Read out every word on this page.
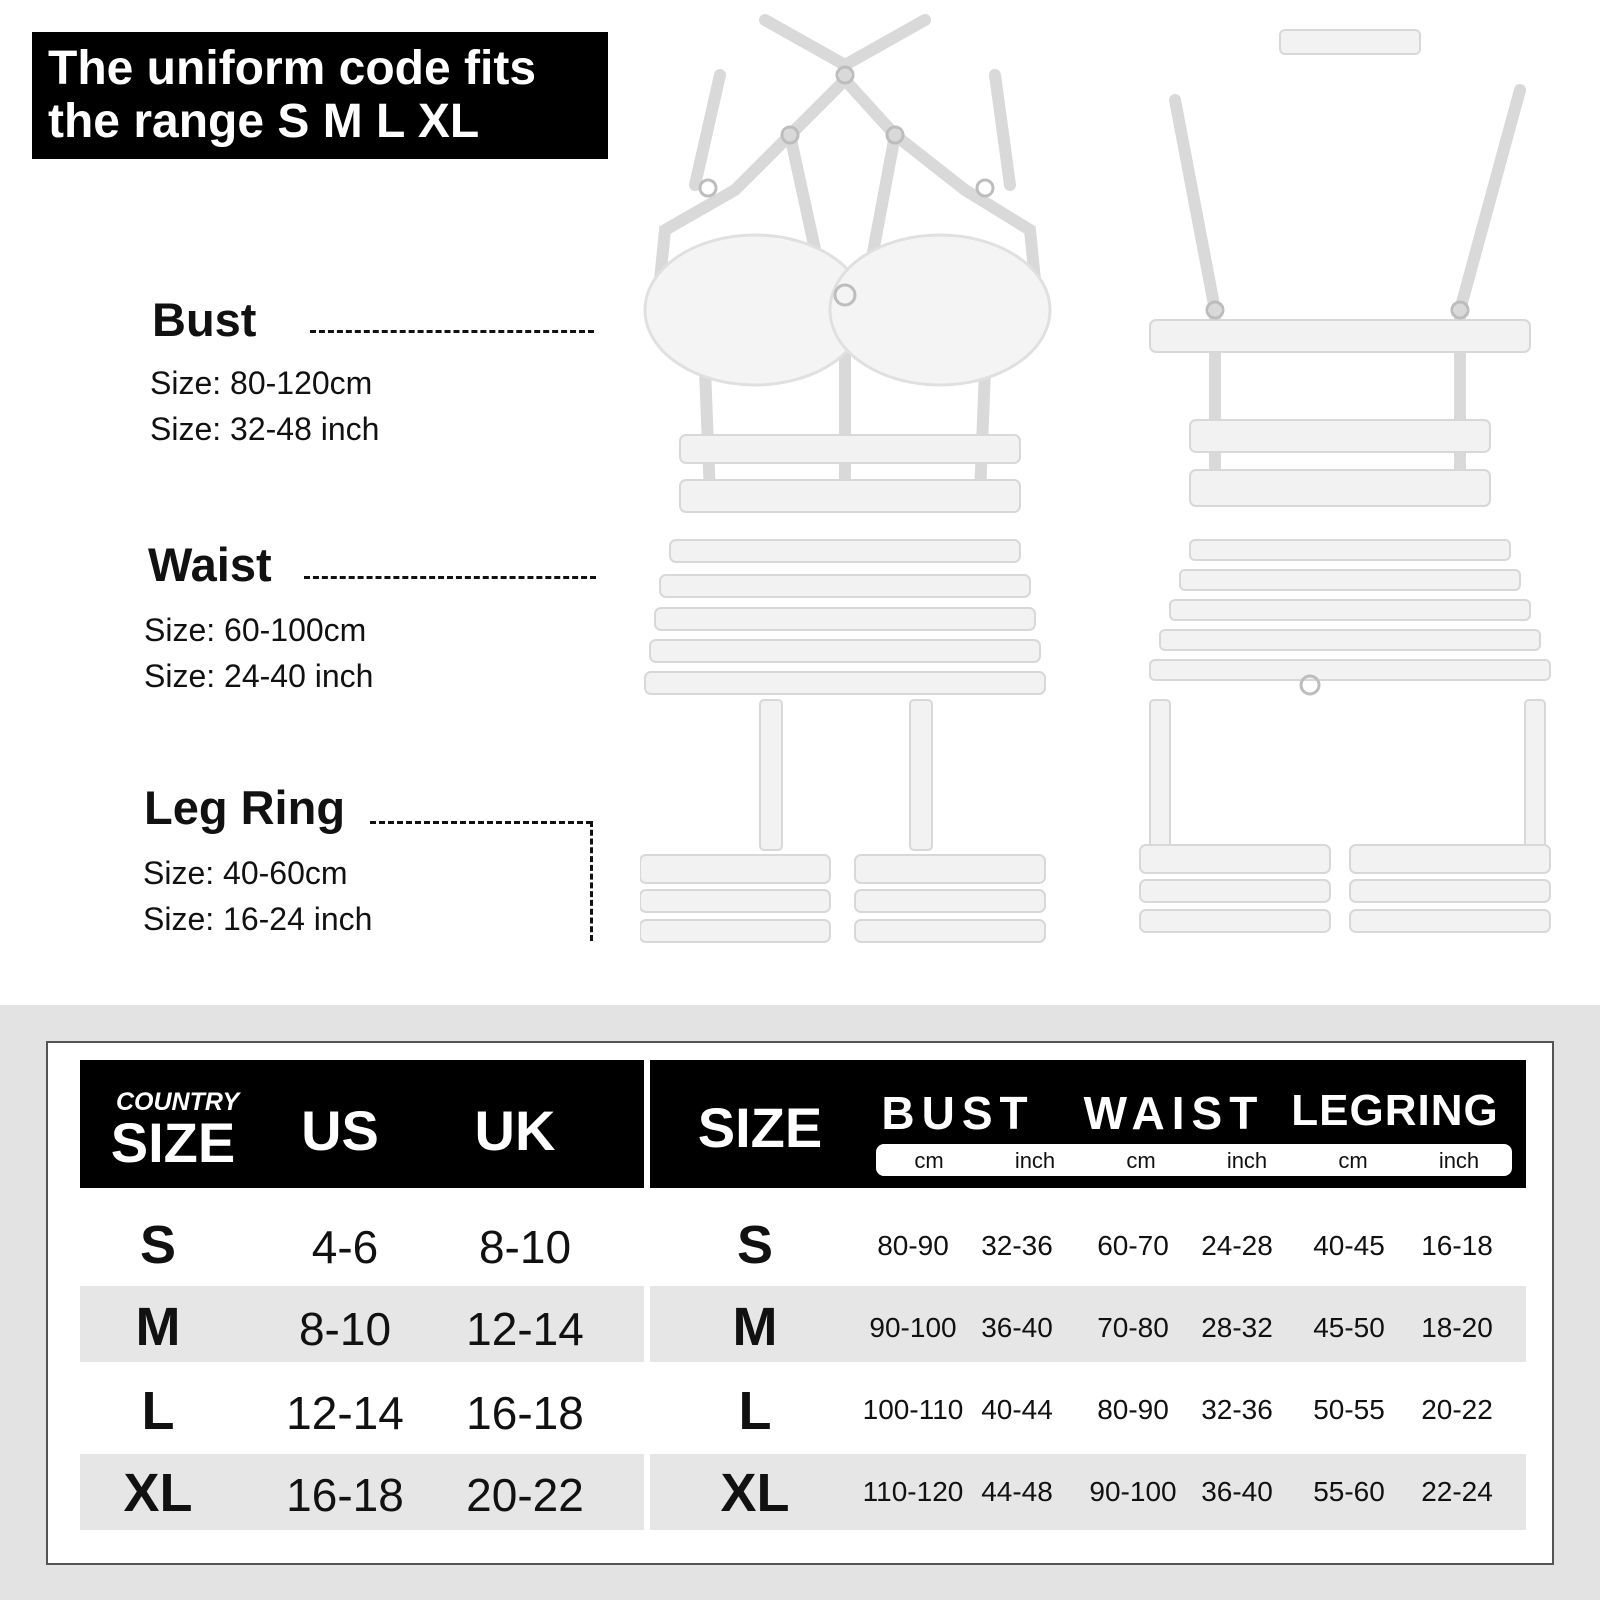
The uniform code fits
the range S M L XL
Bust
Size: 80-120cm
Size: 32-48 inch
Waist
Size: 60-100cm
Size: 24-40 inch
Leg Ring
Size: 40-60cm
Size: 16-24 inch
COUNTRY
SIZE	US	UK	SIZE BUST WAIST LEGRING
cm	inch	cm	inch	cm	inch
S	4-6	8-10
M	8-10	12-14
L	12-14 16-18
XL	16-18 20-22
S	80-90	32-36	60-70	24-28	40-45	16-18
M	90-100 36-40	70-80	28-32	45-50	18-20
L	100-110 40-44	80-90	32-36	50-55	20-22
XL	110-120 44-48	90-100 36-40	55-60	22-24
